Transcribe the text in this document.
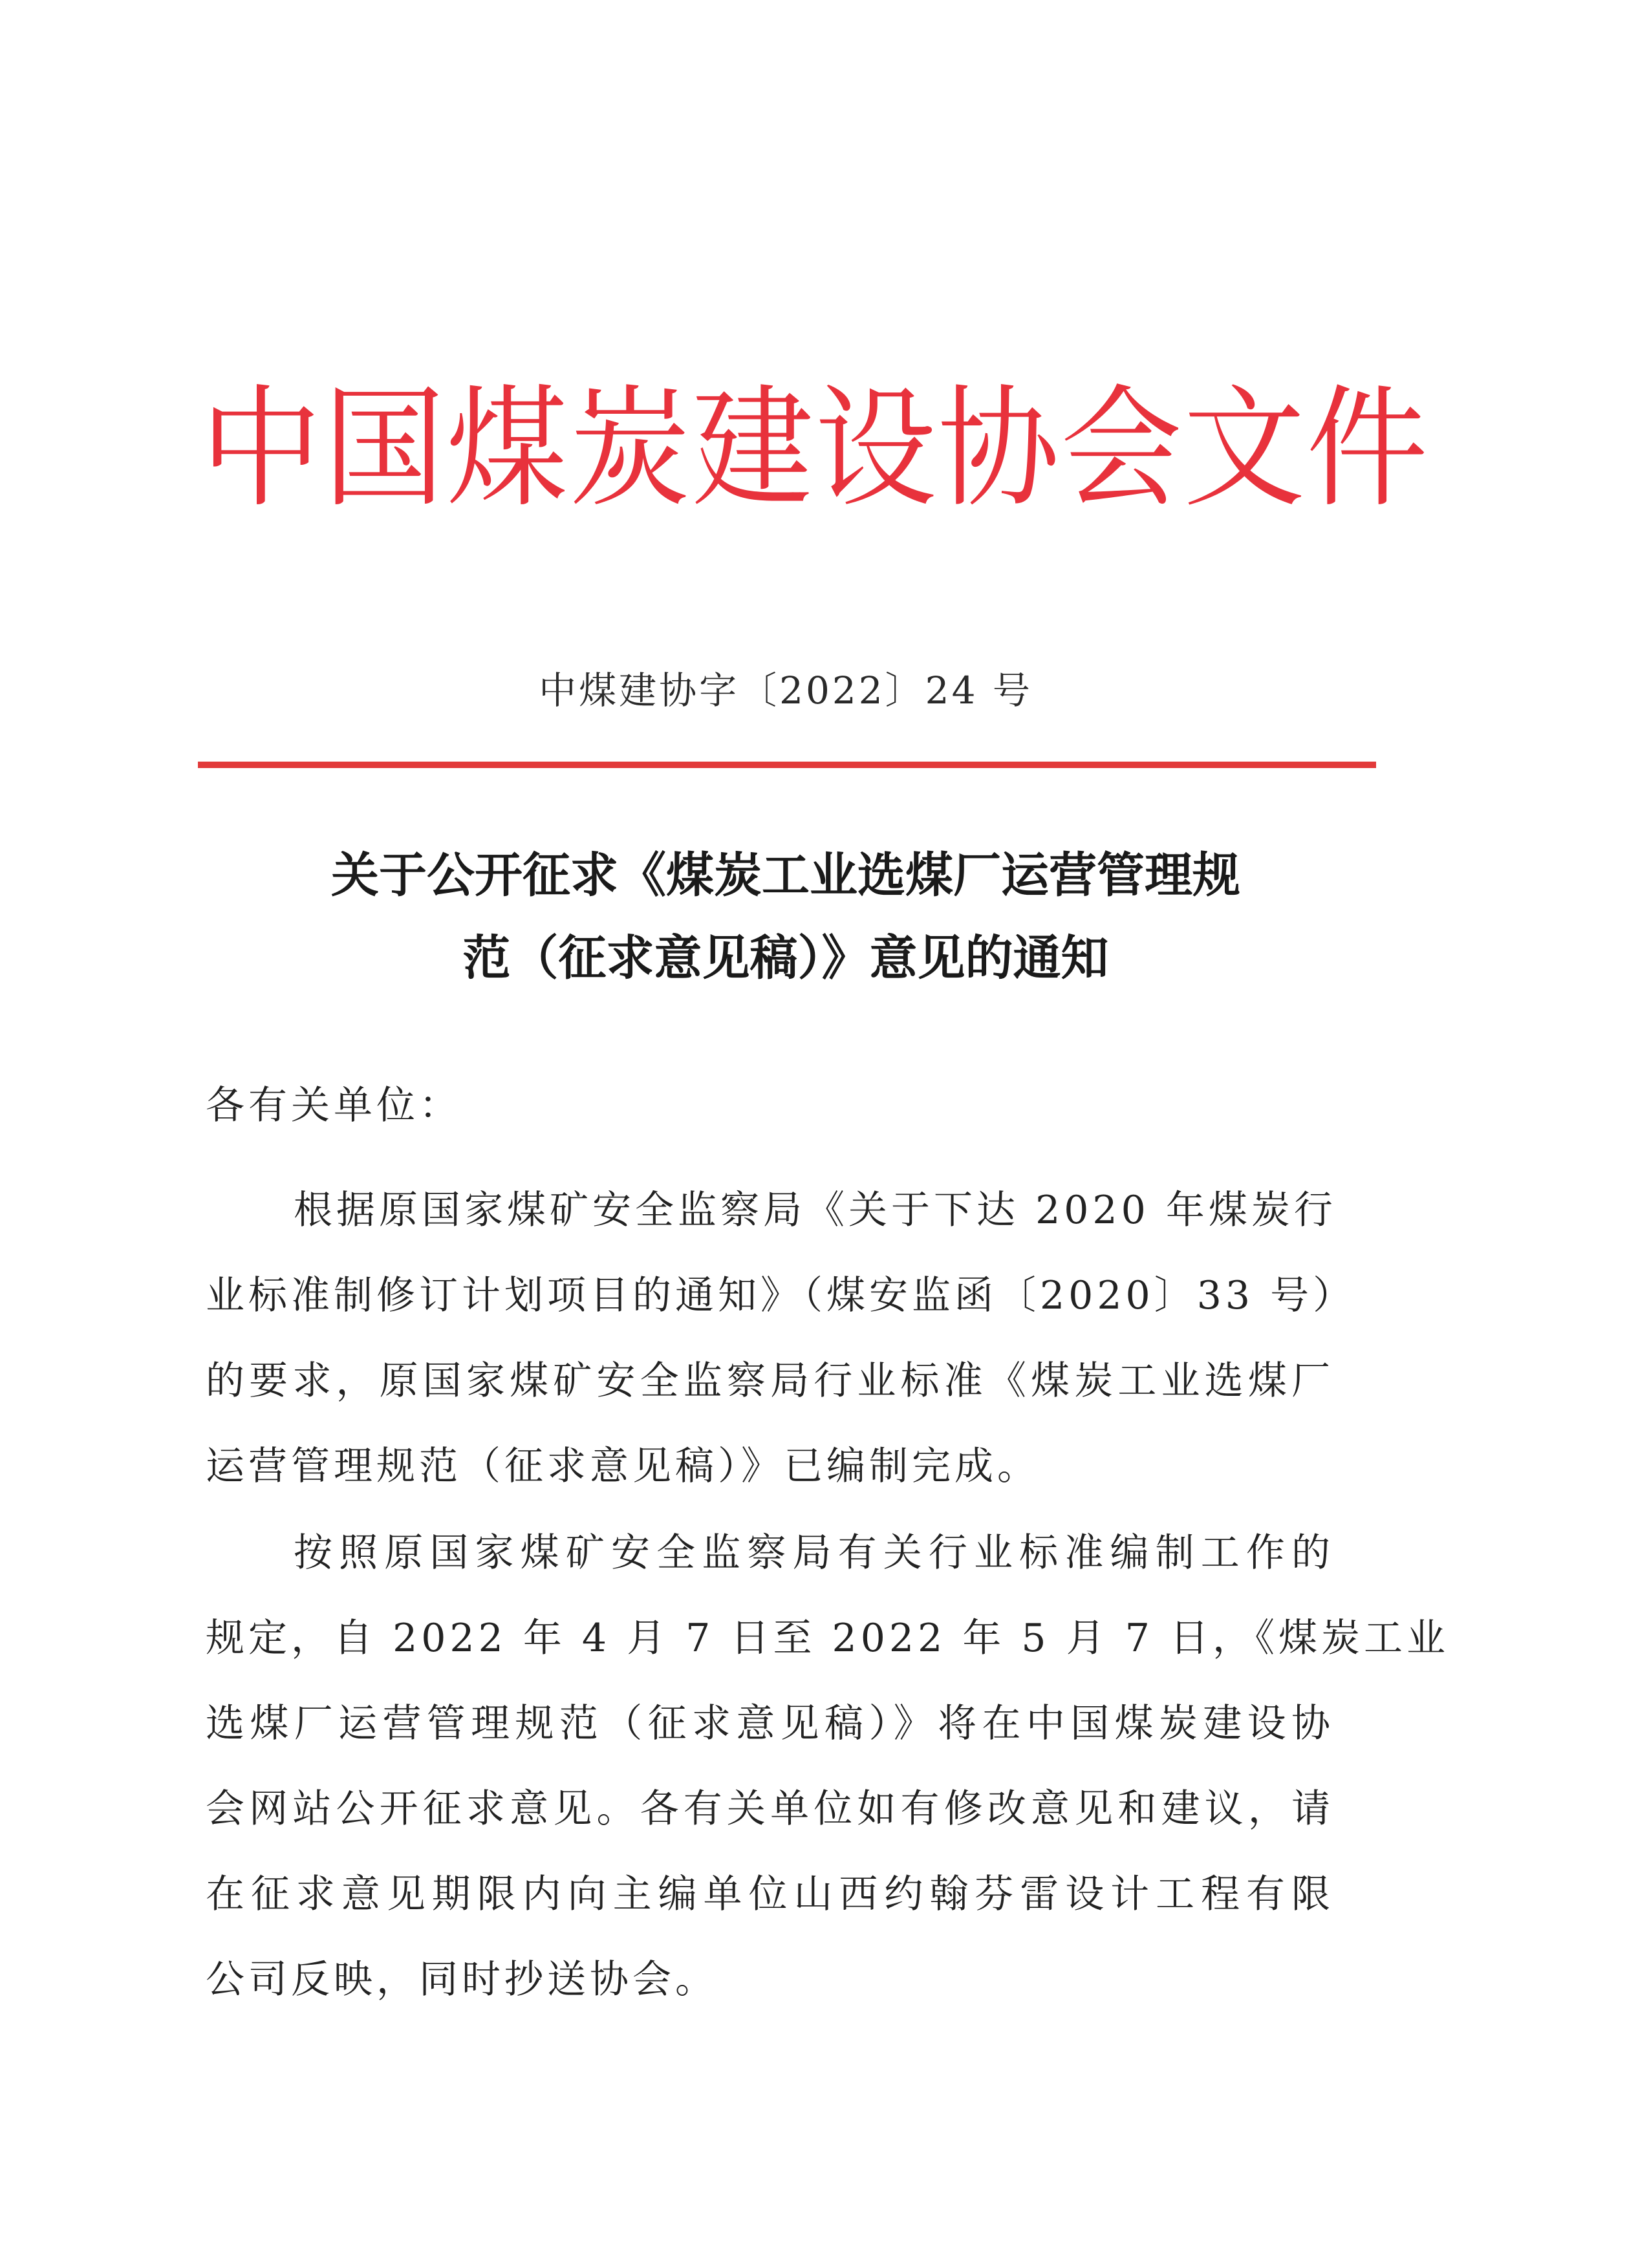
中国煤炭建设协会文件
中煤建协字〔2022〕24 号
关于公开征求《煤炭工业选煤厂运营管理规
范（征求意见稿）》意见的通知
各有关单位：
根据原国家煤矿安全监察局《关于下达 2020 年煤炭行
业标准制修订计划项目的通知》（煤安监函〔2020〕33 号）
的要求，原国家煤矿安全监察局行业标准《煤炭工业选煤厂
运营管理规范（征求意见稿）》已编制完成。
按照原国家煤矿安全监察局有关行业标准编制工作的
规定，自 2022 年 4 月 7 日至 2022 年 5 月 7 日，《煤炭工业
选煤厂运营管理规范（征求意见稿）》将在中国煤炭建设协
会网站公开征求意见。各有关单位如有修改意见和建议，请
在征求意见期限内向主编单位山西约翰芬雷设计工程有限
公司反映，同时抄送协会。
